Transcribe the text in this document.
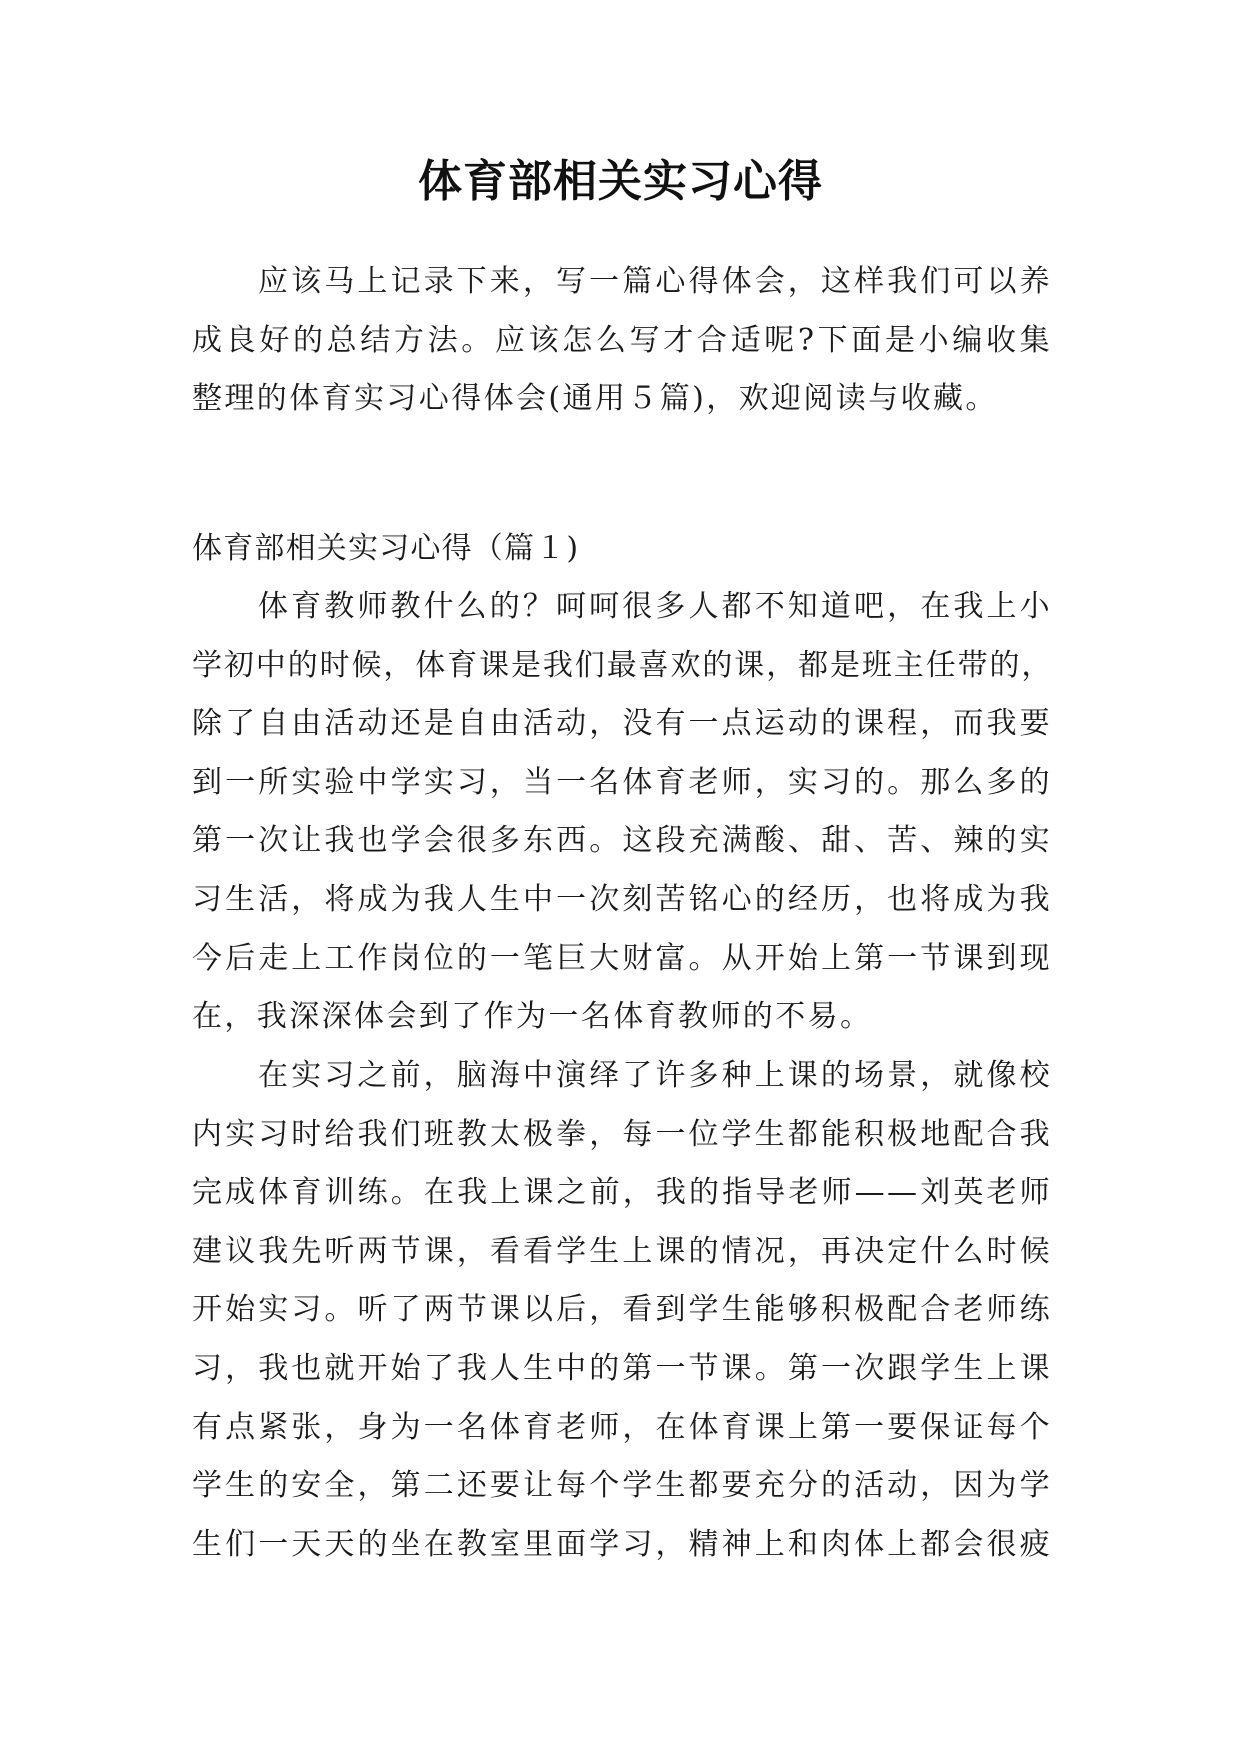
体育部相关实习心得
应该马上记录下来，写一篇心得体会，这样我们可以养
成良好的总结方法。应该怎么写才合适呢?下面是小编收集
整理的体育实习心得体会(通用５篇)，欢迎阅读与收藏。
体育部相关实习心得（篇１)
体育教师教什么的？呵呵很多人都不知道吧，在我上小
学初中的时候，体育课是我们最喜欢的课，都是班主任带的，
除了自由活动还是自由活动，没有一点运动的课程，而我要
到一所实验中学实习，当一名体育老师，实习的。那么多的
第一次让我也学会很多东西。这段充满酸、甜、苦、辣的实
习生活，将成为我人生中一次刻苦铭心的经历，也将成为我
今后走上工作岗位的一笔巨大财富。从开始上第一节课到现
在，我深深体会到了作为一名体育教师的不易。
在实习之前，脑海中演绎了许多种上课的场景，就像校
内实习时给我们班教太极拳，每一位学生都能积极地配合我
完成体育训练。在我上课之前，我的指导老师——刘英老师
建议我先听两节课，看看学生上课的情况，再决定什么时候
开始实习。听了两节课以后，看到学生能够积极配合老师练
习，我也就开始了我人生中的第一节课。第一次跟学生上课
有点紧张，身为一名体育老师，在体育课上第一要保证每个
学生的安全，第二还要让每个学生都要充分的活动，因为学
生们一天天的坐在教室里面学习，精神上和肉体上都会很疲
